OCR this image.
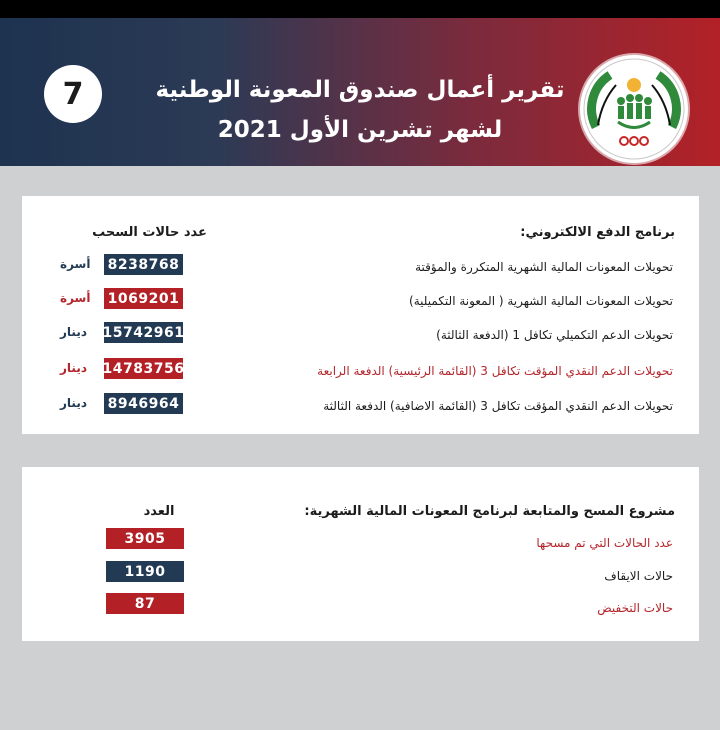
7	تقرير أعمال صندوق المعونة الوطنية
لشهر تشرين الأول 2021
برنامج الدفع الالكتروني:
عدد حالات السحب
تحويلات المعونات المالية الشهرية المتكررة والمؤقتة
8238768
أسرة
تحويلات المعونات المالية الشهرية ( المعونة التكميلية)
1069201
أسرة
تحويلات الدعم التكميلي تكافل 1 (الدفعة الثالثة)
15742961
دينار
تحويلات الدعم النقدي المؤقت تكافل 3 (القائمة الرئيسية) الدفعة الرابعة
14783756
دينار
تحويلات الدعم النقدي المؤقت تكافل 3 (القائمة الاضافية) الدفعة الثالثة
8946964
دينار
مشروع المسح والمتابعة لبرنامج المعونات المالية الشهرية:
العدد
عدد الحالات التي تم مسحها
3905
حالات الايقاف
1190
حالات التخفيض
87
